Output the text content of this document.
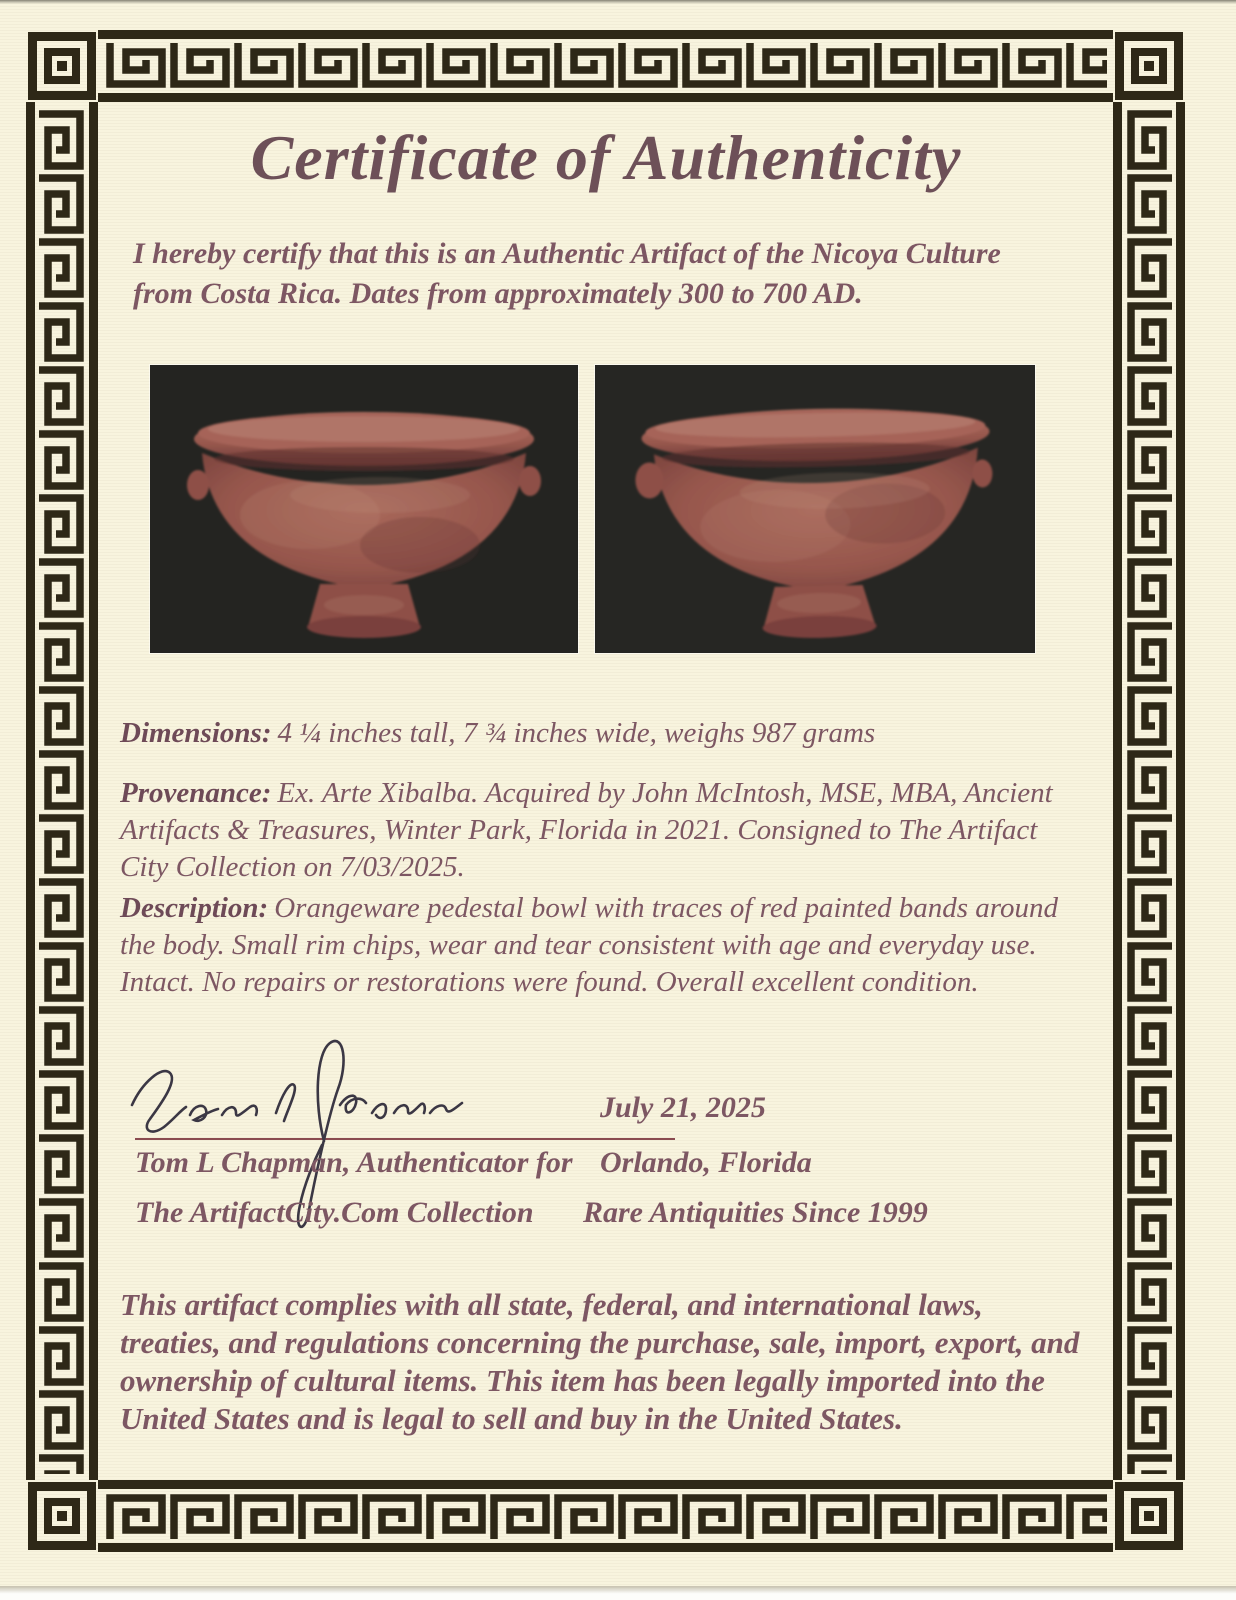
Certificate of Authenticity

I hereby certify that this is an Authentic Artifact of the Nicoya Culture from Costa Rica. Dates from approximately 300 to 700 AD.

Dimensions: 4 ¼ inches tall, 7 ¾ inches wide, weighs 987 grams

Provenance: Ex. Arte Xibalba. Acquired by John McIntosh, MSE, MBA, Ancient Artifacts & Treasures, Winter Park, Florida in 2021. Consigned to The Artifact City Collection on 7/03/2025.

Description: Orangeware pedestal bowl with traces of red painted bands around the body. Small rim chips, wear and tear consistent with age and everyday use. Intact. No repairs or restorations were found. Overall excellent condition.

July 21, 2025
Tom L Chapman, Authenticator for Orlando, Florida
The ArtifactCity.Com Collection Rare Antiquities Since 1999

This artifact complies with all state, federal, and international laws, treaties, and regulations concerning the purchase, sale, import, export, and ownership of cultural items. This item has been legally imported into the United States and is legal to sell and buy in the United States.
